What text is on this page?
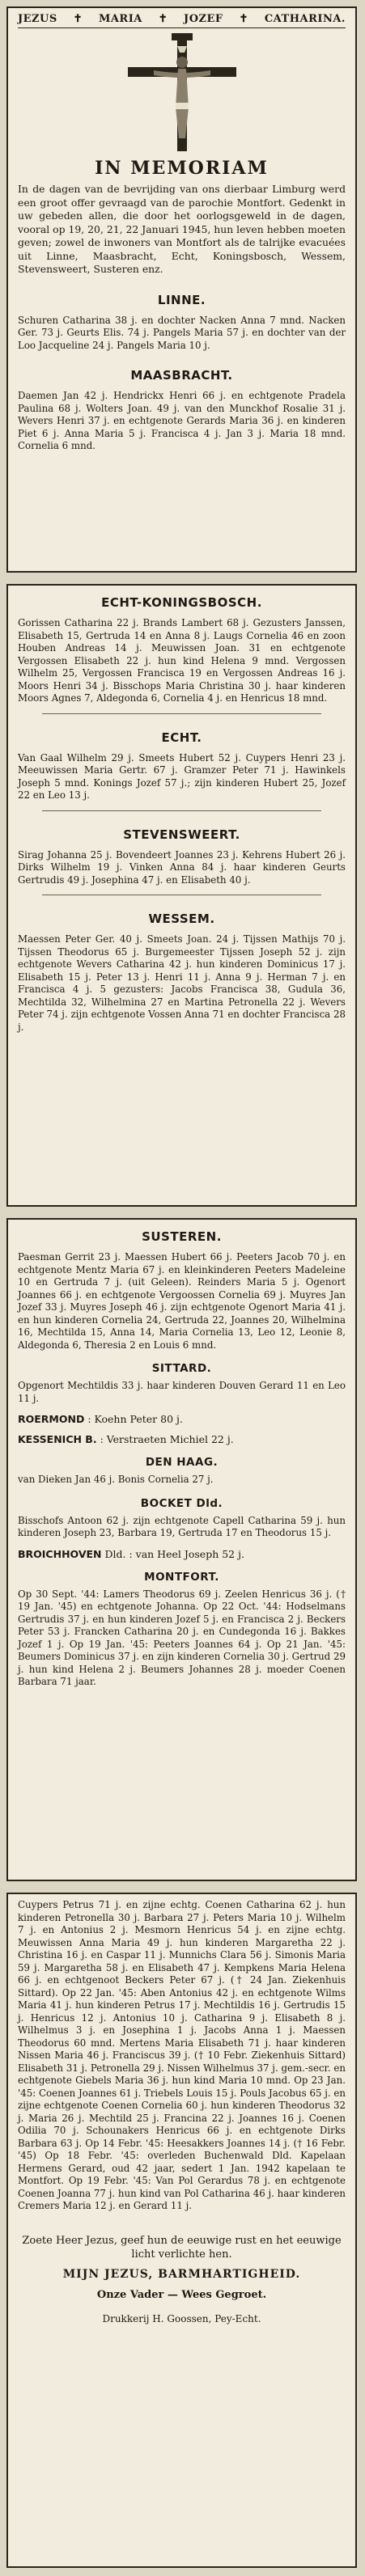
JEZUS ✝ MARIA ✝ JOZEF ✝ CATHARINA.
IN MEMORIAM
In de dagen van de bevrijding van ons dierbaar Limburg werd een groot offer gevraagd van de parochie Montfort. Gedenkt in uw gebeden allen, die door het oorlogsgeweld in de dagen, vooral op 19, 20, 21, 22 Januari 1945, hun leven hebben moeten geven; zowel de inwoners van Montfort als de talrijke evacuées uit Linne, Maasbracht, Echt, Koningsbosch, Wessem, Stevensweert, Susteren enz.
LINNE.
Schuren Catharina 38 j. en dochter Nacken Anna 7 mnd. Nacken Ger. 73 j. Geurts Elis. 74 j. Pangels Maria 57 j. en dochter van der Loo Jacqueline 24 j. Pangels Maria 10 j.
MAASBRACHT.
Daemen Jan 42 j. Hendrickx Henri 66 j. en echtgenote Pradela Paulina 68 j. Wolters Joan. 49 j. van den Munckhof Rosalie 31 j. Wevers Henri 37 j. en echtgenote Gerards Maria 36 j. en kinderen Piet 6 j. Anna Maria 5 j. Francisca 4 j. Jan 3 j. Maria 18 mnd. Cornelia 6 mnd.
ECHT-KONINGSBOSCH.
Gorissen Catharina 22 j. Brands Lambert 68 j. Gezusters Janssen, Elisabeth 15, Gertruda 14 en Anna 8 j. Laugs Cornelia 46 en zoon Houben Andreas 14 j. Meuwissen Joan. 31 en echtgenote Vergossen Elisabeth 22 j. hun kind Helena 9 mnd. Vergossen Wilhelm 25, Vergossen Francisca 19 en Vergossen Andreas 16 j. Moors Henri 34 j. Bisschops Maria Christina 30 j. haar kinderen Moors Agnes 7, Aldegonda 6, Cornelia 4 j. en Henricus 18 mnd.
ECHT.
Van Gaal Wilhelm 29 j. Smeets Hubert 52 j. Cuypers Henri 23 j. Meeuwissen Maria Gertr. 67 j. Gramzer Peter 71 j. Hawinkels Joseph 5 mnd. Konings Jozef 57 j.; zijn kinderen Hubert 25, Jozef 22 en Leo 13 j.
STEVENSWEERT.
Sirag Johanna 25 j. Bovendeert Joannes 23 j. Kehrens Hubert 26 j. Dirks Wilhelm 19 j. Vinken Anna 84 j. haar kinderen Geurts Gertrudis 49 j. Josephina 47 j. en Elisabeth 40 j.
WESSEM.
Maessen Peter Ger. 40 j. Smeets Joan. 24 j. Tijssen Mathijs 70 j. Tijssen Theodorus 65 j. Burgemeester Tijssen Joseph 52 j. zijn echtgenote Wevers Catharina 42 j. hun kinderen Dominicus 17 j. Elisabeth 15 j. Peter 13 j. Henri 11 j. Anna 9 j. Herman 7 j. en Francisca 4 j. 5 gezusters: Jacobs Francisca 38, Gudula 36, Mechtilda 32, Wilhelmina 27 en Martina Petronella 22 j. Wevers Peter 74 j. zijn echtgenote Vossen Anna 71 en dochter Francisca 28 j.
SUSTEREN.
Paesman Gerrit 23 j. Maessen Hubert 66 j. Peeters Jacob 70 j. en echtgenote Mentz Maria 67 j. en kleinkinderen Peeters Madeleine 10 en Gertruda 7 j. (uit Geleen). Reinders Maria 5 j. Ogenort Joannes 66 j. en echtgenote Vergoossen Cornelia 69 j. Muyres Jan Jozef 33 j. Muyres Joseph 46 j. zijn echtgenote Ogenort Maria 41 j. en hun kinderen Cornelia 24, Gertruda 22, Joannes 20, Wilhelmina 16, Mechtilda 15, Anna 14, Maria Cornelia 13, Leo 12, Leonie 8, Aldegonda 6, Theresia 2 en Louis 6 mnd.
SITTARD.
Opgenort Mechtildis 33 j. haar kinderen Douven Gerard 11 en Leo 11 j.
ROERMOND : Koehn Peter 80 j.
KESSENICH B. : Verstraeten Michiel 22 j.
DEN HAAG.
van Dieken Jan 46 j. Bonis Cornelia 27 j.
BOCKET Dld.
Bisschofs Antoon 62 j. zijn echtgenote Capell Catharina 59 j. hun kinderen Joseph 23, Barbara 19, Gertruda 17 en Theodorus 15 j.
BROICHHOVEN Dld. : van Heel Joseph 52 j.
MONTFORT.
Op 30 Sept. '44: Lamers Theodorus 69 j. Zeelen Henricus 36 j. († 19 Jan. '45) en echtgenote Johanna. Op 22 Oct. '44: Hodselmans Gertrudis 37 j. en hun kinderen Jozef 5 j. en Francisca 2 j. Beckers Peter 53 j. Francken Catharina 20 j. en Cundegonda 16 j. Bakkes Jozef 1 j. Op 19 Jan. '45: Peeters Joannes 64 j. Op 21 Jan. '45: Beumers Dominicus 37 j. en zijn kinderen Cornelia 30 j. Gertrud 29 j. hun kind Helena 2 j. Beumers Johannes 28 j. moeder Coenen Barbara 71 jaar.
Cuypers Petrus 71 j. en zijne echtg. Coenen Catharina 62 j. hun kinderen Petronella 30 j. Barbara 27 j. Peters Maria 10 j. Wilhelm 7 j. en Antonius 2 j. Mesmorn Henricus 54 j. en zijne echtg. Meuwissen Anna Maria 49 j. hun kinderen Margaretha 22 j. Christina 16 j. en Caspar 11 j. Munnichs Clara 56 j. Simonis Maria 59 j. Margaretha 58 j. en Elisabeth 47 j. Kempkens Maria Helena 66 j. en echtgenoot Beckers Peter 67 j. († 24 Jan. Ziekenhuis Sittard). Op 22 Jan. '45: Aben Antonius 42 j. en echtgenote Wilms Maria 41 j. hun kinderen Petrus 17 j. Mechtildis 16 j. Gertrudis 15 j. Henricus 12 j. Antonius 10 j. Catharina 9 j. Elisabeth 8 j. Wilhelmus 3 j. en Josephina 1 j. Jacobs Anna 1 j. Maessen Theodorus 60 mnd. Mertens Maria Elisabeth 71 j. haar kinderen Nissen Maria 46 j. Franciscus 39 j. († 10 Febr. Ziekenhuis Sittard) Elisabeth 31 j. Petronella 29 j. Nissen Wilhelmus 37 j. gem.-secr. en echtgenote Giebels Maria 36 j. hun kind Maria 10 mnd. Op 23 Jan. '45: Coenen Joannes 61 j. Triebels Louis 15 j. Pouls Jacobus 65 j. en zijne echtgenote Coenen Cornelia 60 j. hun kinderen Theodorus 32 j. Maria 26 j. Mechtild 25 j. Francina 22 j. Joannes 16 j. Coenen Odilia 70 j. Schounakers Henricus 66 j. en echtgenote Dirks Barbara 63 j. Op 14 Febr. '45: Heesakkers Joannes 14 j. († 16 Febr. '45) Op 18 Febr. '45: overleden Buchenwald Dld. Kapelaan Hermens Gerard, oud 42 jaar, sedert 1 Jan. 1942 kapelaan te Montfort. Op 19 Febr. '45: Van Pol Gerardus 78 j. en echtgenote Coenen Joanna 77 j. hun kind van Pol Catharina 46 j. haar kinderen Cremers Maria 12 j. en Gerard 11 j.
Zoete Heer Jezus, geef hun de eeuwige rust en het eeuwige licht verlichte hen.
MIJN JEZUS, BARMHARTIGHEID.
Onze Vader — Wees Gegroet.
Drukkerij H. Goossen, Pey-Echt.
